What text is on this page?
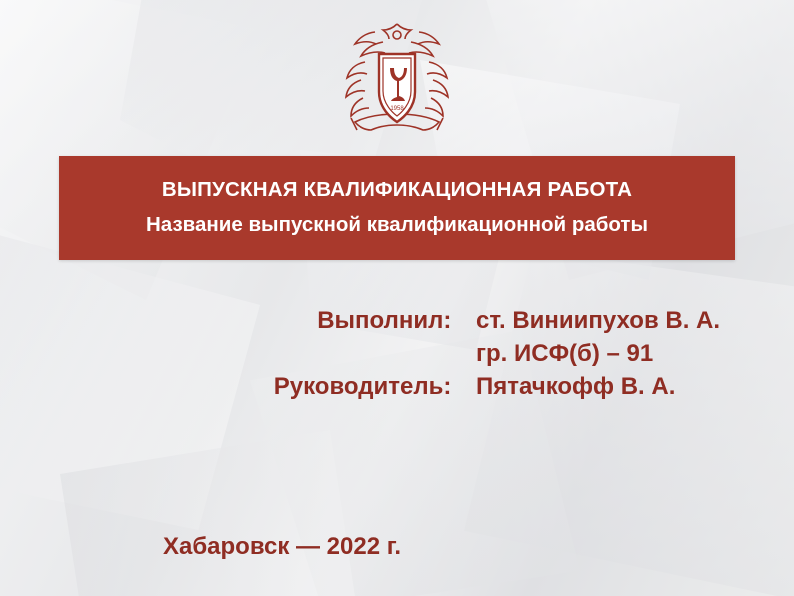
1958
ВЫПУСКНАЯ КВАЛИФИКАЦИОННАЯ РАБОТА
Название выпускной квалификационной работы
Выполнил: ст. Виниипухов В. А.
гр. ИСФ(б) – 91
Руководитель: Пятачкофф В. А.
Хабаровск — 2022 г.
